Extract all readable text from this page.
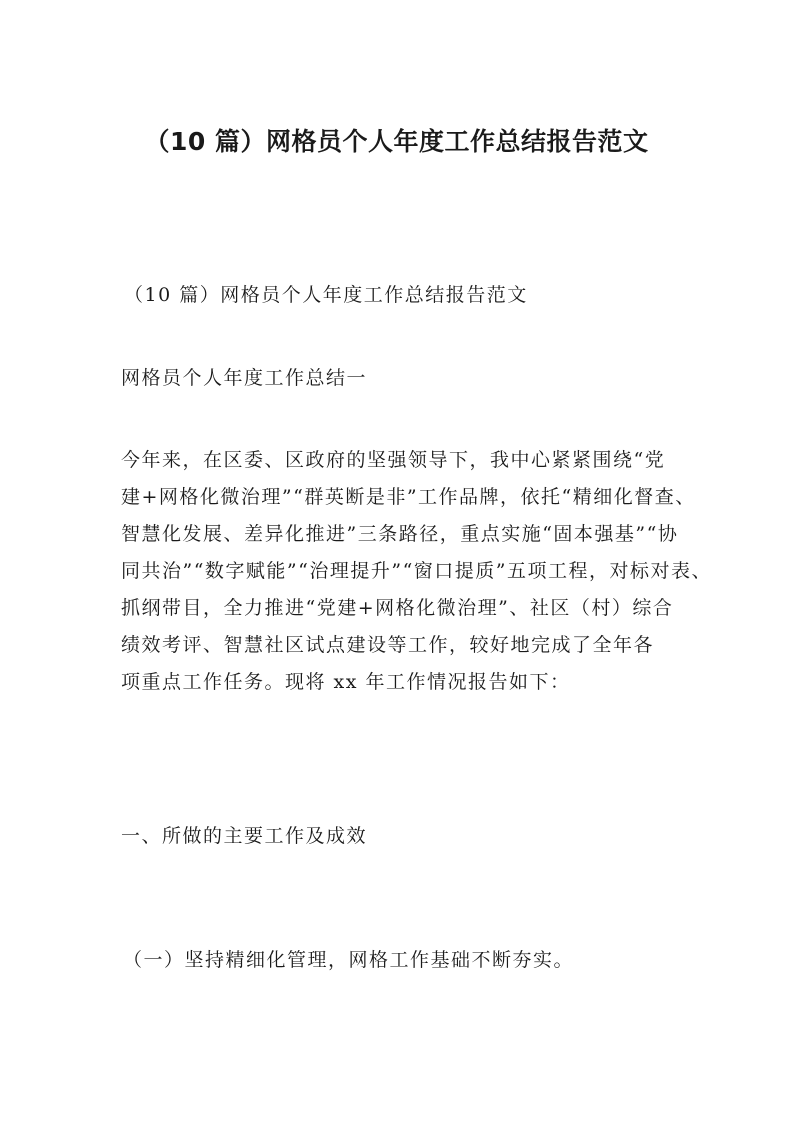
（10 篇）网格员个人年度工作总结报告范文

（10 篇）网格员个人年度工作总结报告范文

网格员个人年度工作总结一

今年来，在区委、区政府的坚强领导下，我中心紧紧围绕“党
建+网格化微治理”“群英断是非”工作品牌，依托“精细化督查、
智慧化发展、差异化推进”三条路径，重点实施“固本强基”“协
同共治”“数字赋能”“治理提升”“窗口提质”五项工程，对标对表、
抓纲带目，全力推进“党建+网格化微治理”、社区（村）综合
绩效考评、智慧社区试点建设等工作，较好地完成了全年各
项重点工作任务。现将 xx 年工作情况报告如下：

一、所做的主要工作及成效

（一）坚持精细化管理，网格工作基础不断夯实。
